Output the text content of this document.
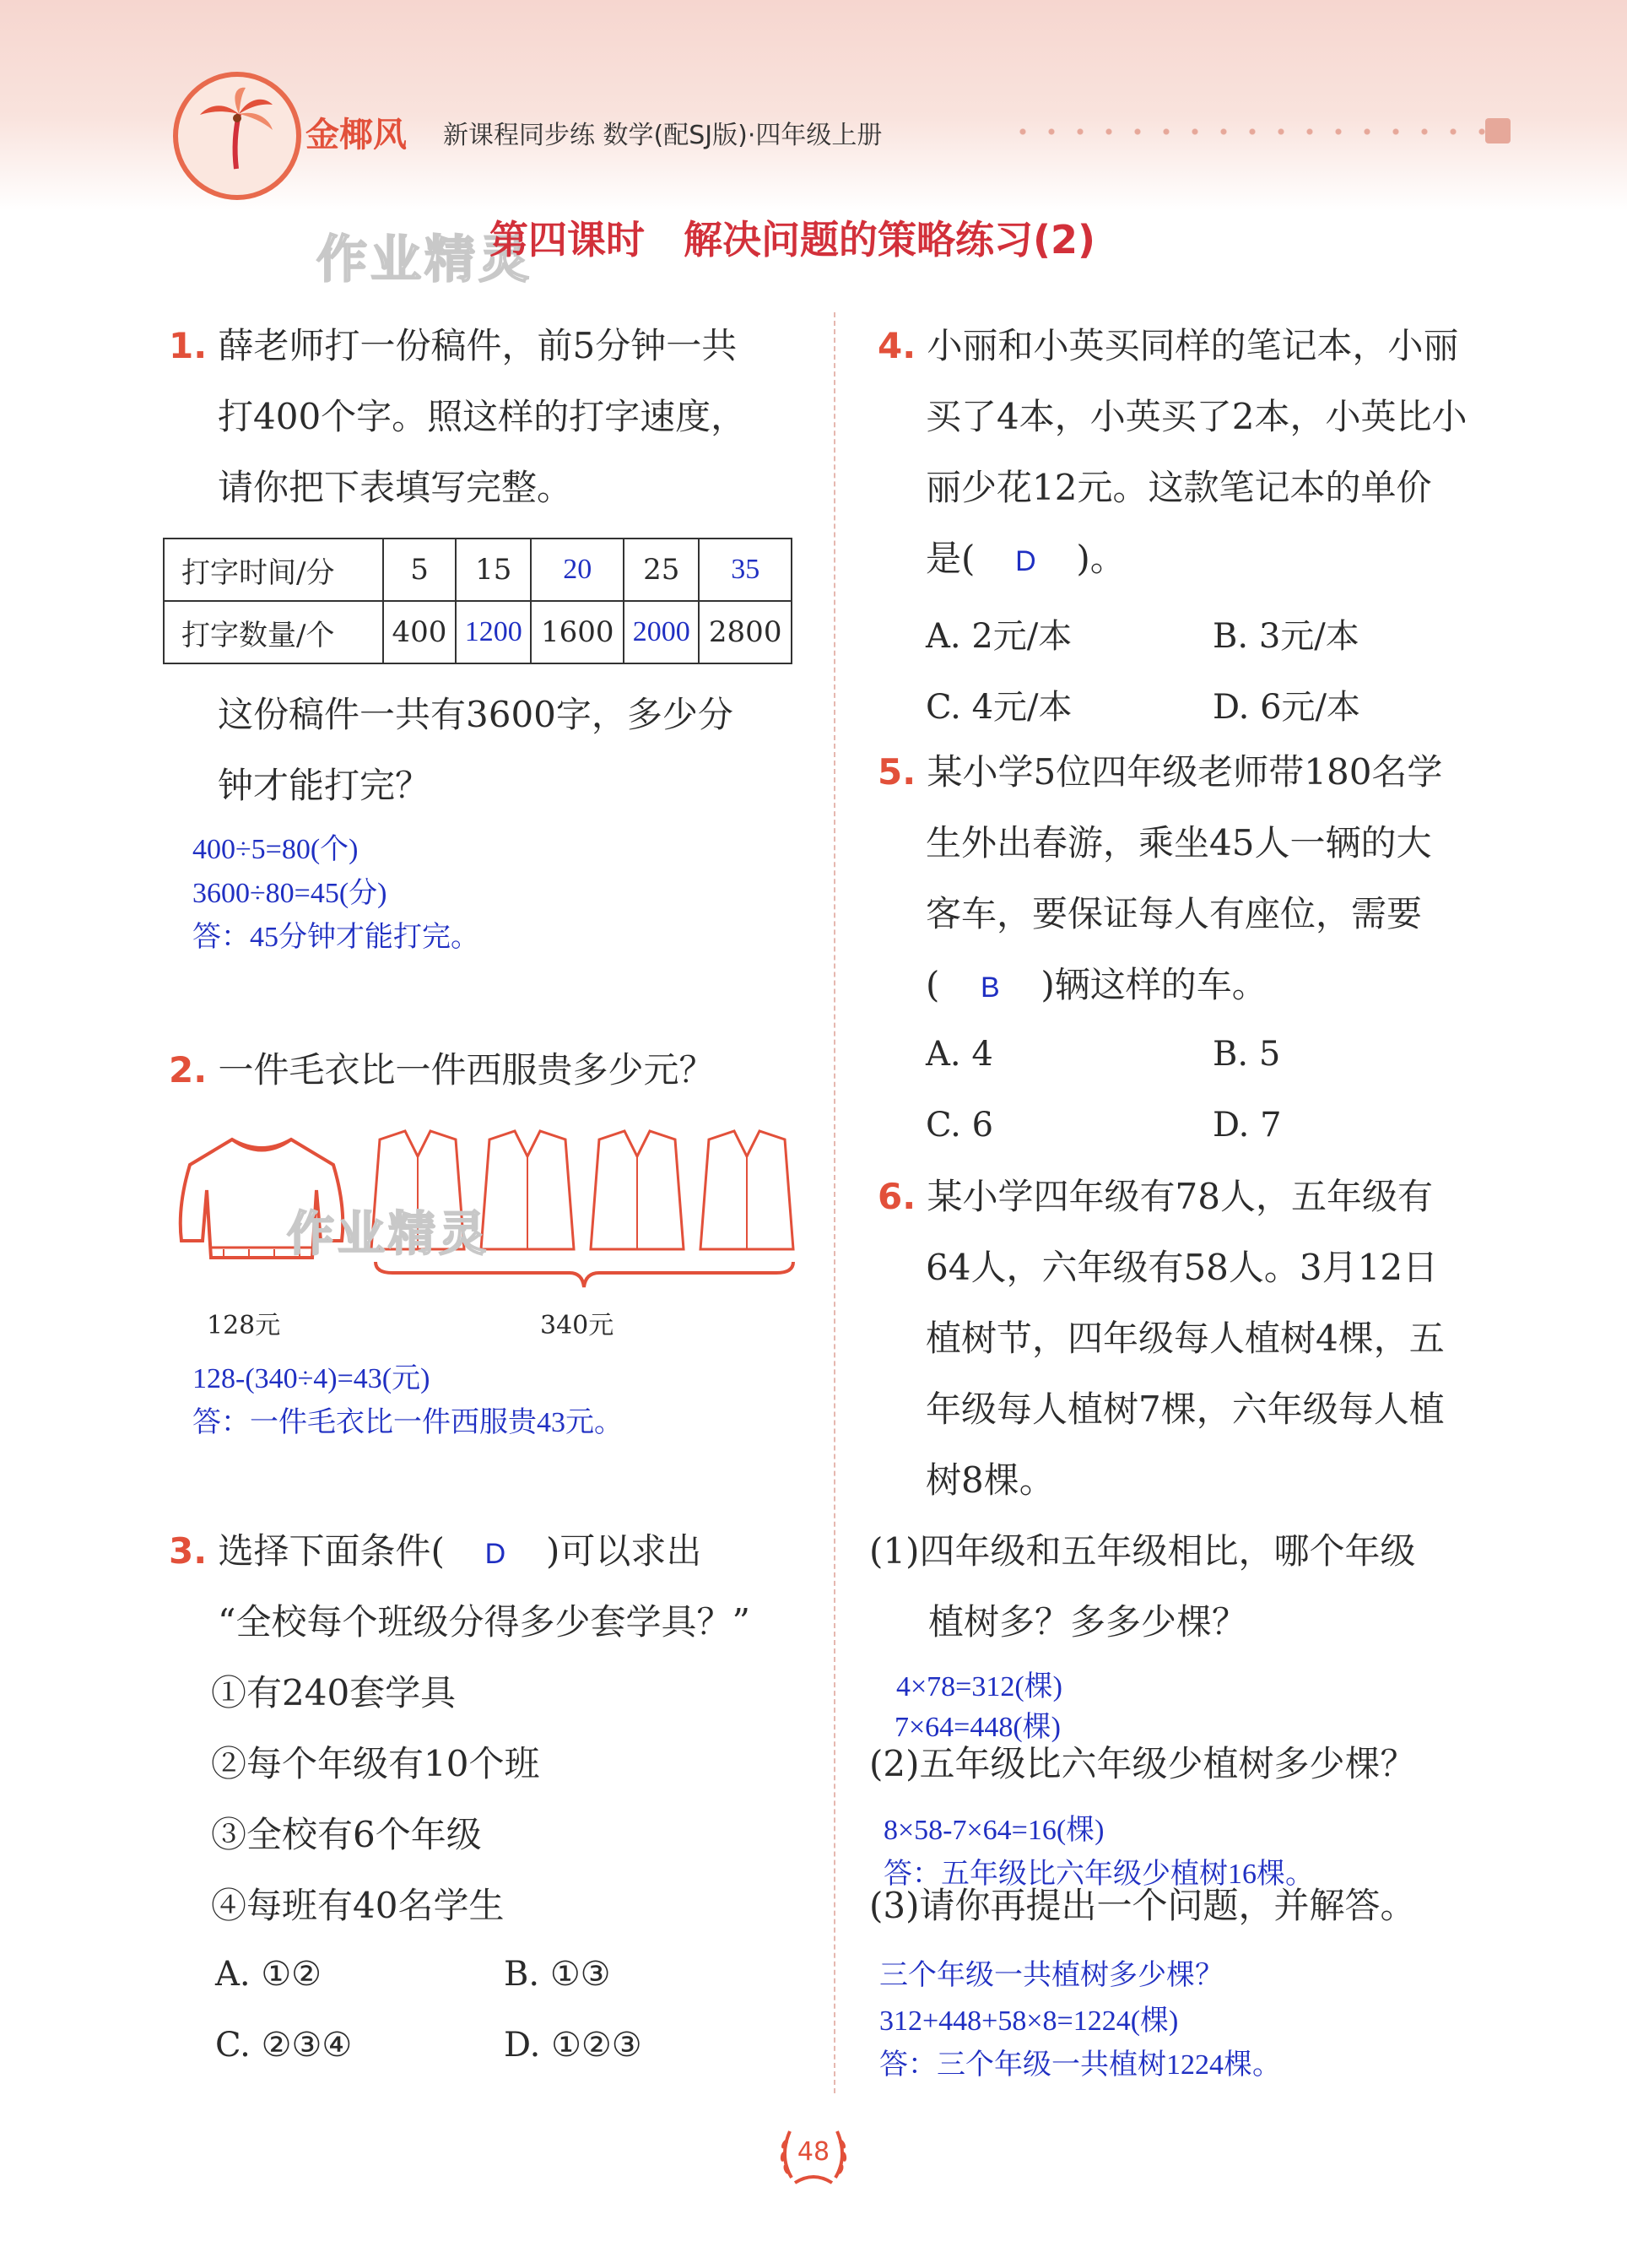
金椰风 新课程同步练 数学(配SJ版)·四年级上册
作业精灵
第四课时　解决问题的策略练习(2)
1. 薛老师打一份稿件，前5分钟一共
打400个字。照这样的打字速度，
请你把下表填写完整。
打字时间/分	5	15	20	25	35
打字数量/个	400	1200	1600	2000	2800
这份稿件一共有3600字，多少分
钟才能打完？
400÷5=80(个)
3600÷80=45(分)
答：45分钟才能打完。
2. 一件毛衣比一件西服贵多少元？
作业精灵
128元	340元
128-(340÷4)=43(元)
答：一件毛衣比一件西服贵43元。
3. 选择下面条件( D )可以求出
“全校每个班级分得多少套学具？”
①有240套学具
②每个年级有10个班
③全校有6个年级
④每班有40名学生
A. ①②	B. ①③
C. ②③④	D. ①②③
4. 小丽和小英买同样的笔记本，小丽
买了4本，小英买了2本，小英比小
丽少花12元。这款笔记本的单价
是( D )。
A. 2元/本	B. 3元/本
C. 4元/本	D. 6元/本
5. 某小学5位四年级老师带180名学
生外出春游，乘坐45人一辆的大
客车，要保证每人有座位，需要
( B )辆这样的车。
A. 4	B. 5
C. 6	D. 7
6. 某小学四年级有78人，五年级有
64人，六年级有58人。3月12日
植树节，四年级每人植树4棵，五
年级每人植树7棵，六年级每人植
树8棵。
(1)四年级和五年级相比，哪个年级
植树多？多多少棵？
4×78=312(棵)
7×64=448(棵)
(2)五年级比六年级少植树多少棵？
8×58-7×64=16(棵)
答：五年级比六年级少植树16棵。
(3)请你再提出一个问题，并解答。
三个年级一共植树多少棵？
312+448+58×8=1224(棵)
答：三个年级一共植树1224棵。
48
